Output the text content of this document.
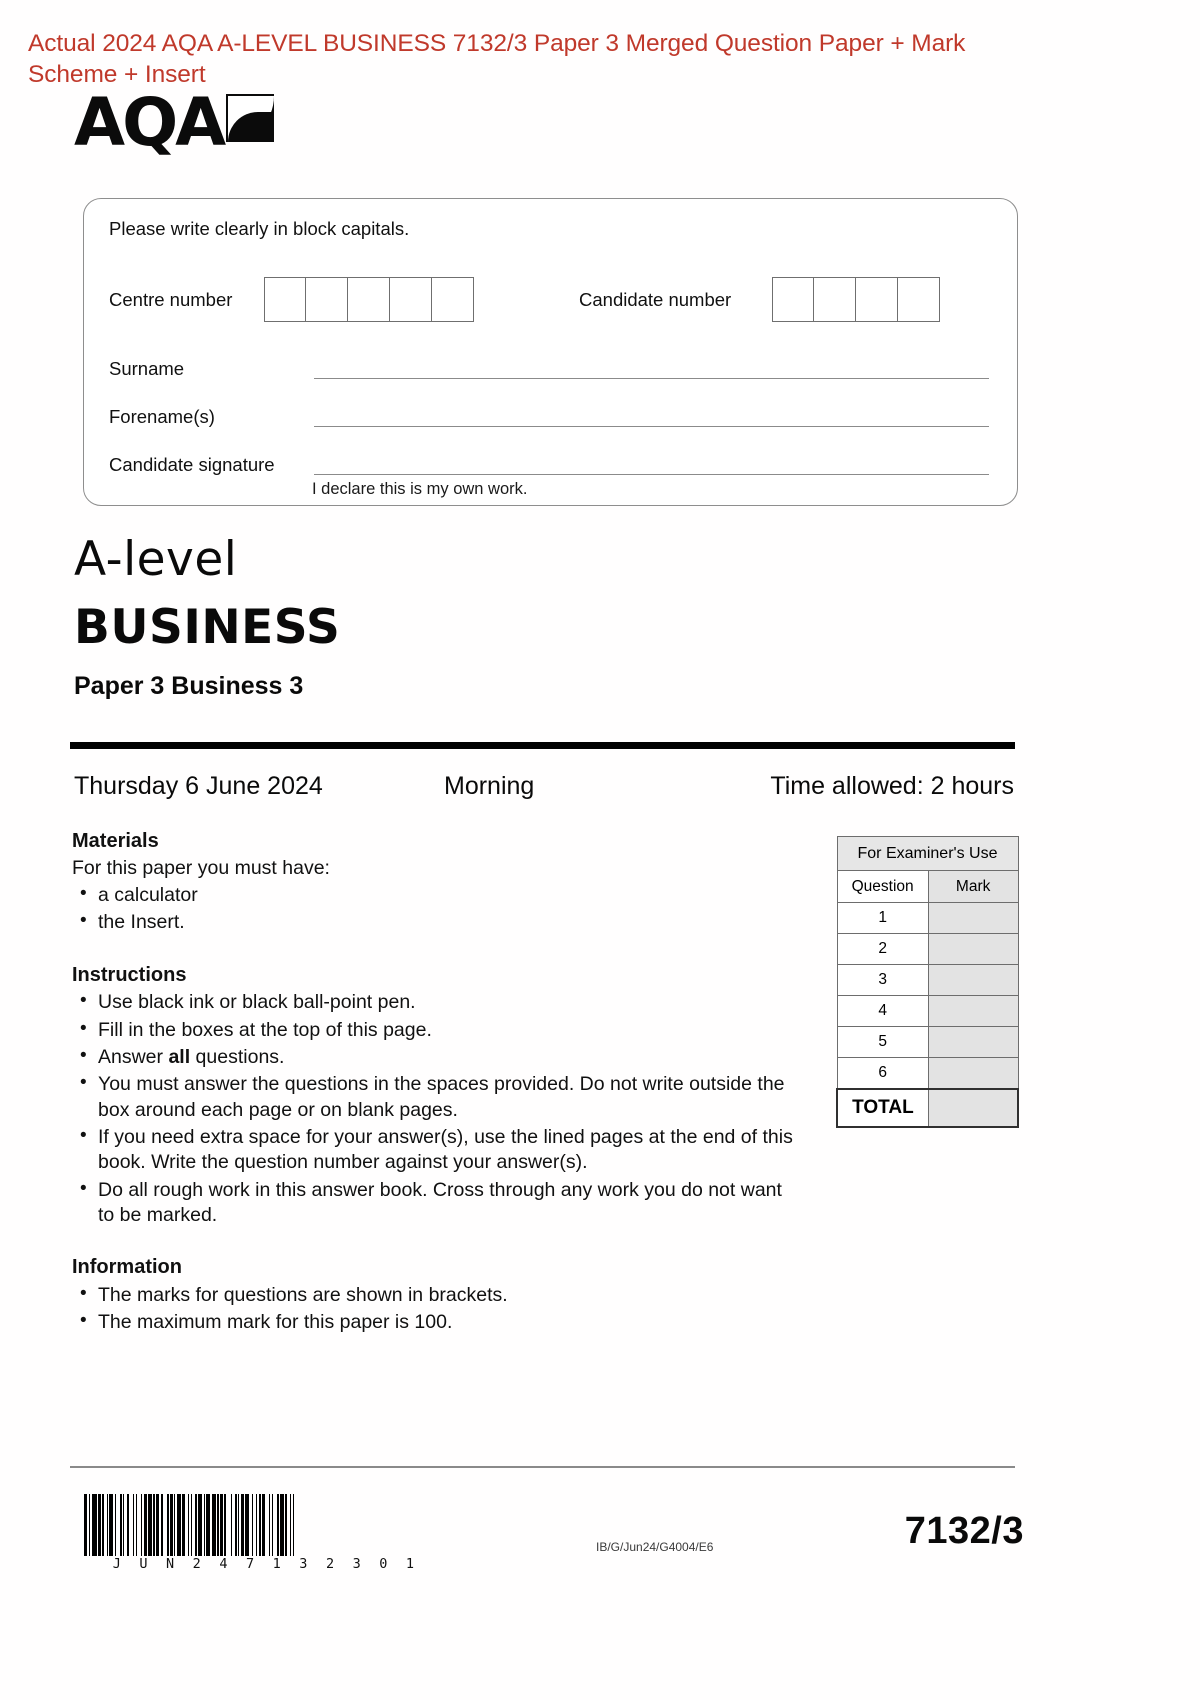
Actual 2024 AQA A-LEVEL BUSINESS 7132/3 Paper 3 Merged Question Paper + Mark Scheme + Insert
AQA
Please write clearly in block capitals.
Centre number	Candidate number
Surname
Forename(s)
Candidate signature
I declare this is my own work.
A-level
BUSINESS
Paper 3 Business 3
Thursday 6 June 2024	Morning	Time allowed: 2 hours
Materials
For this paper you must have:
• a calculator
• the Insert.
Instructions
• Use black ink or black ball-point pen.
• Fill in the boxes at the top of this page.
• Answer all questions.
• You must answer the questions in the spaces provided. Do not write outside the box around each page or on blank pages.
• If you need extra space for your answer(s), use the lined pages at the end of this book. Write the question number against your answer(s).
• Do all rough work in this answer book. Cross through any work you do not want to be marked.
Information
• The marks for questions are shown in brackets.
• The maximum mark for this paper is 100.
For Examiner's Use	
Question	Mark
1	
2	
3	
4	
5	
6	
TOTAL	
J U N 2 4 7 1 3 2 3 0 1
IB/G/Jun24/G4004/E6	7132/3
